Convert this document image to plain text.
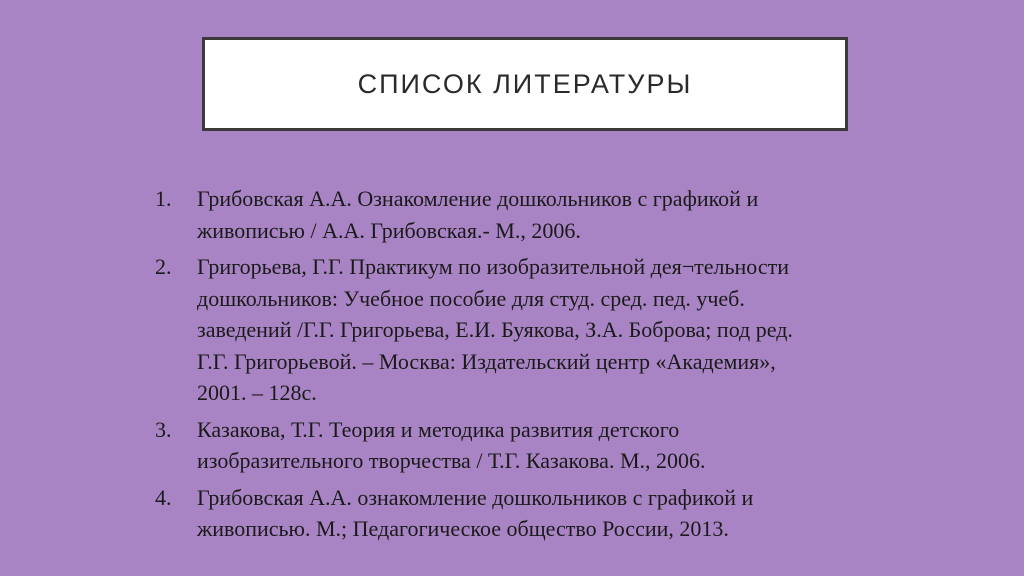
СПИСОК ЛИТЕРАТУРЫ
1.	Грибовская А.А. Ознакомление дошкольников с графикой и
живописью / А.А. Грибовская.- М., 2006.
2.	Григорьева, Г.Г. Практикум по изобразительной дея¬тельности
дошкольников: Учебное пособие для студ. сред. пед. учеб.
заведений /Г.Г. Григорьева, Е.И. Буякова, З.А. Боброва; под ред.
Г.Г. Григорьевой. – Москва: Издательский центр «Академия»,
2001. – 128с.
3.	Казакова, Т.Г. Теория и методика развития детского
изобразительного творчества / Т.Г. Казакова. М., 2006.
4.	Грибовская А.А. ознакомление дошкольников с графикой и
живописью. М.; Педагогическое общество России, 2013.
